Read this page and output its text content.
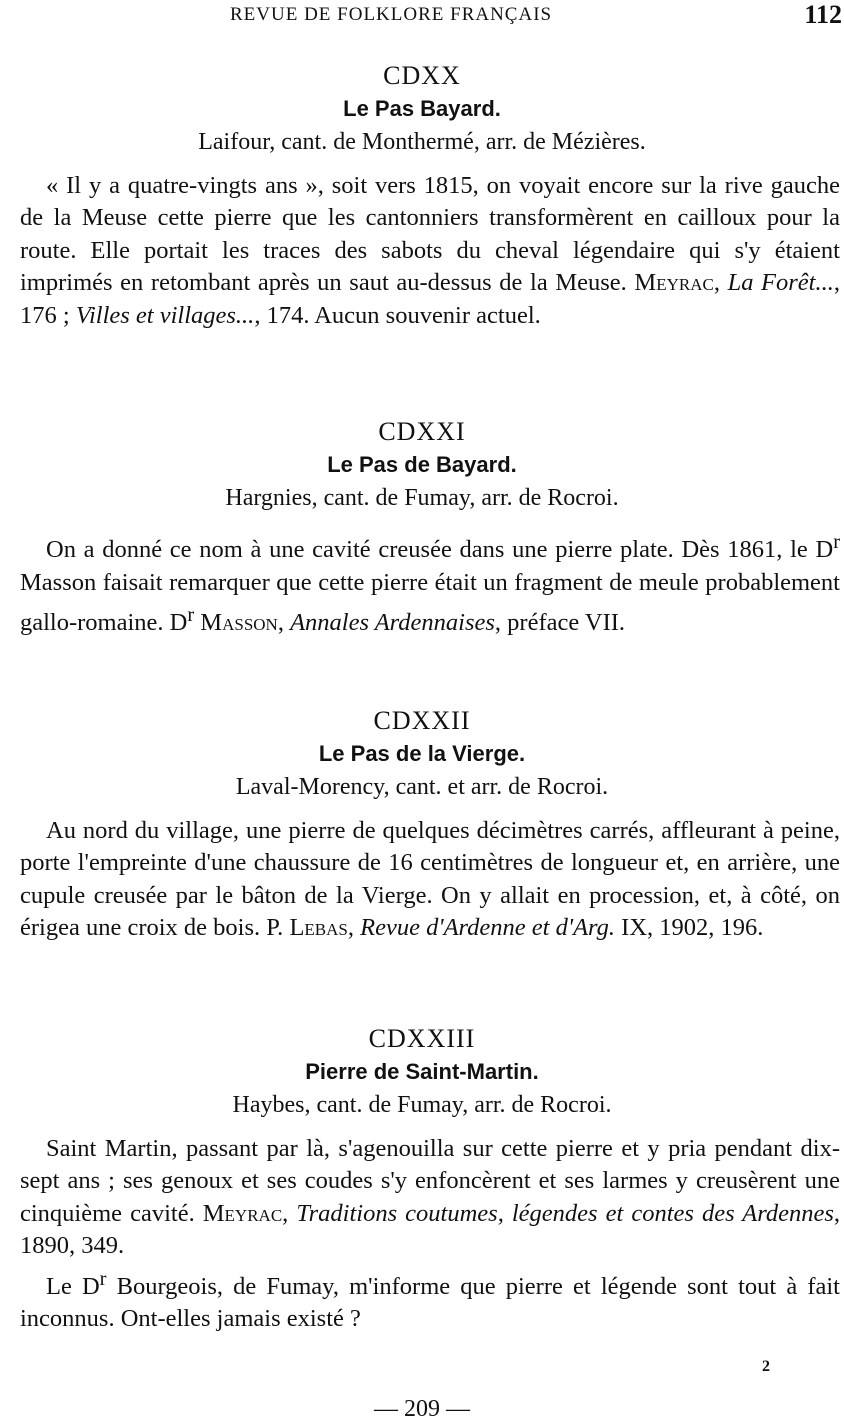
REVUE DE FOLKLORE FRANÇAIS	112
CDXX
Le Pas Bayard.
Laifour, cant. de Monthermé, arr. de Mézières.

« Il y a quatre-vingts ans », soit vers 1815, on voyait encore sur la rive gauche de la Meuse cette pierre que les cantonniers transformèrent en cailloux pour la route. Elle portait les traces des sabots du cheval légendaire qui s'y étaient imprimés en retombant après un saut au-dessus de la Meuse. Meyrac, La Forêt..., 176 ; Villes et villages..., 174. Aucun souvenir actuel.

CDXXI
Le Pas de Bayard.
Hargnies, cant. de Fumay, arr. de Rocroi.

On a donné ce nom à une cavité creusée dans une pierre plate. Dès 1861, le $D^r$ Masson faisait remarquer que cette pierre était un fragment de meule probablement gallo-romaine. $D^r$ Masson, Annales Ardennaises, préface VII.

CDXXII
Le Pas de la Vierge.
Laval-Morency, cant. et arr. de Rocroi.

Au nord du village, une pierre de quelques décimètres carrés, affleurant à peine, porte l'empreinte d'une chaussure de 16 centimètres de longueur et, en arrière, une cupule creusée par le bâton de la Vierge. On y allait en procession, et, à côté, on érigea une croix de bois. P. Lebas, Revue d'Ardenne et d'Arg. IX, 1902, 196.

CDXXIII
Pierre de Saint-Martin.
Haybes, cant. de Fumay, arr. de Rocroi.

Saint Martin, passant par là, s'agenouilla sur cette pierre et y pria pendant dix-sept ans ; ses genoux et ses coudes s'y enfoncèrent et ses larmes y creusèrent une cinquième cavité. Meyrac, Traditions coutumes, légendes et contes des Ardennes, 1890, 349.

Le $D^r$ Bourgeois, de Fumay, m'informe que pierre et légende sont tout à fait inconnus. Ont-elles jamais existé ?

2
— 209 —
